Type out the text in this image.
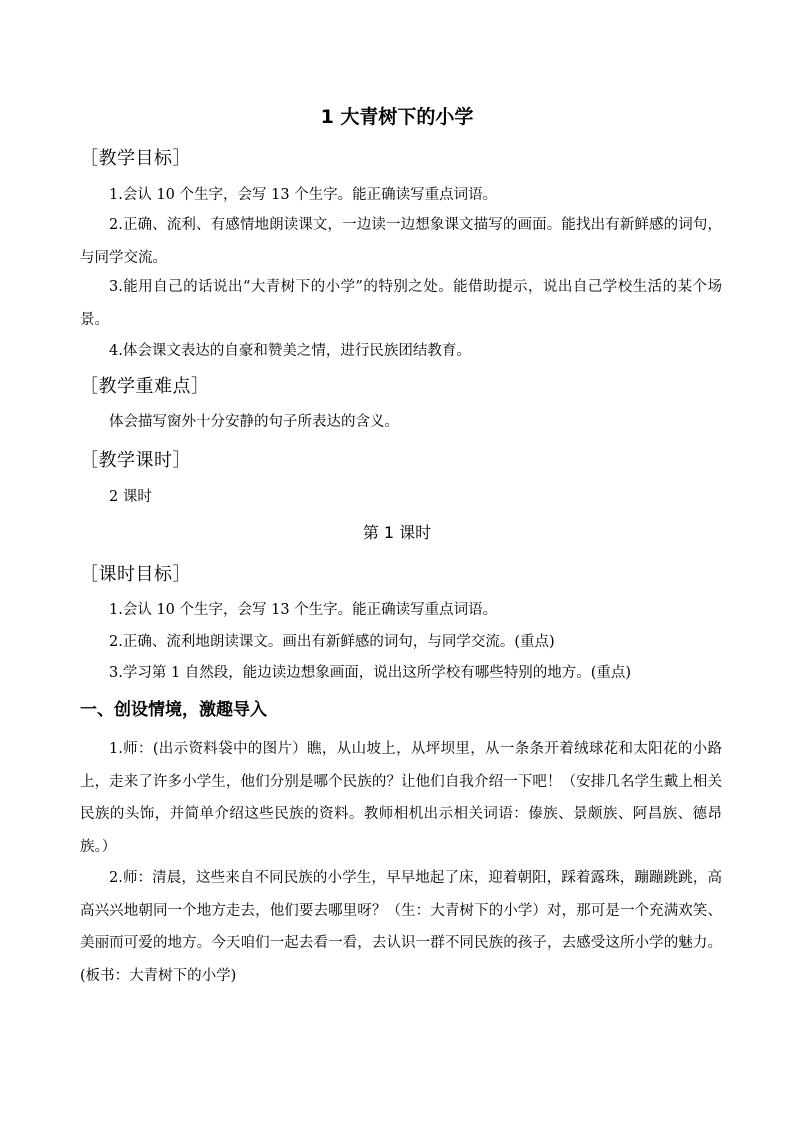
1 大青树下的小学
［教学目标］
1.会认 10 个生字，会写 13 个生字。能正确读写重点词语。
2.正确、流利、有感情地朗读课文，一边读一边想象课文描写的画面。能找出有新鲜感的词句，与同学交流。
3.能用自己的话说出“大青树下的小学”的特别之处。能借助提示，说出自己学校生活的某个场景。
4.体会课文表达的自豪和赞美之情，进行民族团结教育。
［教学重难点］
体会描写窗外十分安静的句子所表达的含义。
［教学课时］
2 课时
第 1 课时
［课时目标］
1.会认 10 个生字，会写 13 个生字。能正确读写重点词语。
2.正确、流利地朗读课文。画出有新鲜感的词句，与同学交流。(重点)
3.学习第 1 自然段，能边读边想象画面，说出这所学校有哪些特别的地方。(重点)
一、创设情境，激趣导入
1.师：(出示资料袋中的图片）瞧，从山坡上，从坪坝里，从一条条开着绒球花和太阳花的小路上，走来了许多小学生，他们分别是哪个民族的？让他们自我介绍一下吧！（安排几名学生戴上相关民族的头饰，并简单介绍这些民族的资料。教师相机出示相关词语：傣族、景颇族、阿昌族、德昂族。）
2.师：清晨，这些来自不同民族的小学生，早早地起了床，迎着朝阳，踩着露珠，蹦蹦跳跳，高高兴兴地朝同一个地方走去，他们要去哪里呀？（生：大青树下的小学）对，那可是一个充满欢笑、美丽而可爱的地方。今天咱们一起去看一看，去认识一群不同民族的孩子，去感受这所小学的魅力。(板书：大青树下的小学)
